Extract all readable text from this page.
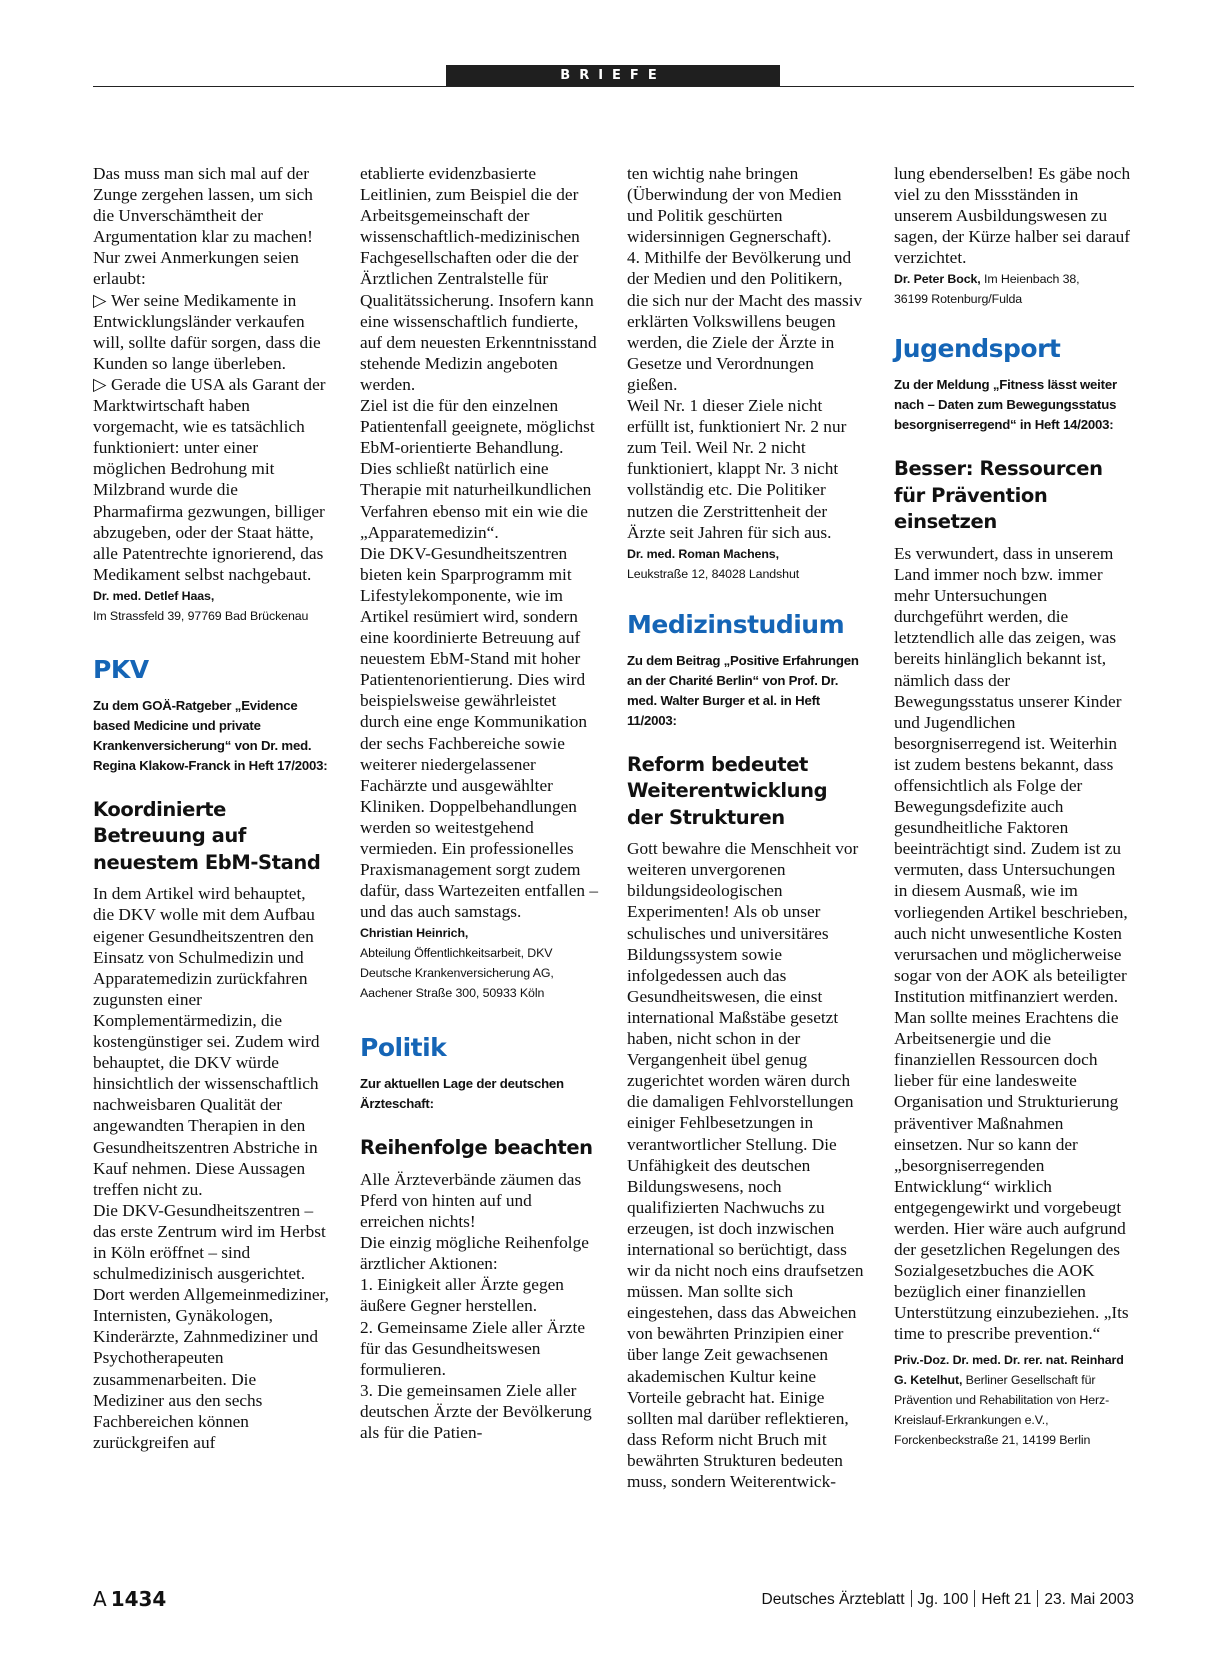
BRIEFE

Das muss man sich mal auf der Zunge zergehen lassen, um sich die Unverschämtheit der Argumentation klar zu machen!

Nur zwei Anmerkungen seien erlaubt:

▷ Wer seine Medikamente in Entwicklungsländer verkaufen will, sollte dafür sorgen, dass die Kunden so lange überleben.

▷ Gerade die USA als Garant der Marktwirtschaft haben vorgemacht, wie es tatsächlich funktioniert: unter einer möglichen Bedrohung mit Milzbrand wurde die Pharmafirma gezwungen, billiger abzugeben, oder der Staat hätte, alle Patentrechte ignorierend, das Medikament selbst nachgebaut.

Dr. med. Detlef Haas,
Im Strassfeld 39, 97769 Bad Brückenau

PKV

Zu dem GOÄ-Ratgeber „Evidence based Medicine und private Krankenversicherung“ von Dr. med. Regina Klakow-Franck in Heft 17/2003:

Koordinierte Betreuung auf neuestem EbM-Stand

In dem Artikel wird behauptet, die DKV wolle mit dem Aufbau eigener Gesundheitszentren den Einsatz von Schulmedizin und Apparatemedizin zurückfahren zugunsten einer Komplementärmedizin, die kostengünstiger sei. Zudem wird behauptet, die DKV würde hinsichtlich der wissenschaftlich nachweisbaren Qualität der angewandten Therapien in den Gesundheitszentren Abstriche in Kauf nehmen. Diese Aussagen treffen nicht zu.

Die DKV-Gesundheitszentren – das erste Zentrum wird im Herbst in Köln eröffnet – sind schulmedizinisch ausgerichtet. Dort werden Allgemeinmediziner, Internisten, Gynäkologen, Kinderärzte, Zahnmediziner und Psychotherapeuten zusammenarbeiten. Die Mediziner aus den sechs Fachbereichen können zurückgreifen auf

etablierte evidenzbasierte Leitlinien, zum Beispiel die der Arbeitsgemeinschaft der wissenschaftlich-medizinischen Fachgesellschaften oder die der Ärztlichen Zentralstelle für Qualitätssicherung. Insofern kann eine wissenschaftlich fundierte, auf dem neuesten Erkenntnisstand stehende Medizin angeboten werden.

Ziel ist die für den einzelnen Patientenfall geeignete, möglichst EbM-orientierte Behandlung. Dies schließt natürlich eine Therapie mit naturheilkundlichen Verfahren ebenso mit ein wie die „Apparatemedizin“.

Die DKV-Gesundheitszentren bieten kein Sparprogramm mit Lifestylekomponente, wie im Artikel resümiert wird, sondern eine koordinierte Betreuung auf neuestem EbM-Stand mit hoher Patientenorientierung. Dies wird beispielsweise gewährleistet durch eine enge Kommunikation der sechs Fachbereiche sowie weiterer niedergelassener Fachärzte und ausgewählter Kliniken. Doppelbehandlungen werden so weitestgehend vermieden. Ein professionelles Praxismanagement sorgt zudem dafür, dass Wartezeiten entfallen – und das auch samstags.

Christian Heinrich,
Abteilung Öffentlichkeitsarbeit, DKV
Deutsche Krankenversicherung AG,
Aachener Straße 300, 50933 Köln

Politik

Zur aktuellen Lage der deutschen Ärzteschaft:

Reihenfolge beachten

Alle Ärzteverbände zäumen das Pferd von hinten auf und erreichen nichts!

Die einzig mögliche Reihenfolge ärztlicher Aktionen:

1. Einigkeit aller Ärzte gegen äußere Gegner herstellen.

2. Gemeinsame Ziele aller Ärzte für das Gesundheitswesen formulieren.

3. Die gemeinsamen Ziele aller deutschen Ärzte der Bevölkerung als für die Patien-

ten wichtig nahe bringen (Überwindung der von Medien und Politik geschürten widersinnigen Gegnerschaft).

4. Mithilfe der Bevölkerung und der Medien und den Politikern, die sich nur der Macht des massiv erklärten Volkswillens beugen werden, die Ziele der Ärzte in Gesetze und Verordnungen gießen.

Weil Nr. 1 dieser Ziele nicht erfüllt ist, funktioniert Nr. 2 nur zum Teil. Weil Nr. 2 nicht funktioniert, klappt Nr. 3 nicht vollständig etc. Die Politiker nutzen die Zerstrittenheit der Ärzte seit Jahren für sich aus.

Dr. med. Roman Machens,
Leukstraße 12, 84028 Landshut

Medizinstudium

Zu dem Beitrag „Positive Erfahrungen an der Charité Berlin“ von Prof. Dr. med. Walter Burger et al. in Heft 11/2003:

Reform bedeutet Weiterentwicklung der Strukturen

Gott bewahre die Menschheit vor weiteren unvergorenen bildungsideologischen Experimenten! Als ob unser schulisches und universitäres Bildungssystem sowie infolgedessen auch das Gesundheitswesen, die einst international Maßstäbe gesetzt haben, nicht schon in der Vergangenheit übel genug zugerichtet worden wären durch die damaligen Fehlvorstellungen einiger Fehlbesetzungen in verantwortlicher Stellung. Die Unfähigkeit des deutschen Bildungswesens, noch qualifizierten Nachwuchs zu erzeugen, ist doch inzwischen international so berüchtigt, dass wir da nicht noch eins draufsetzen müssen. Man sollte sich eingestehen, dass das Abweichen von bewährten Prinzipien einer über lange Zeit gewachsenen akademischen Kultur keine Vorteile gebracht hat. Einige sollten mal darüber reflektieren, dass Reform nicht Bruch mit bewährten Strukturen bedeuten muss, sondern Weiterentwick-

lung ebenderselben! Es gäbe noch viel zu den Missständen in unserem Ausbildungswesen zu sagen, der Kürze halber sei darauf verzichtet.

Dr. Peter Bock, Im Heienbach 38,
36199 Rotenburg/Fulda

Jugendsport

Zu der Meldung „Fitness lässt weiter nach – Daten zum Bewegungsstatus besorgniserregend“ in Heft 14/2003:

Besser: Ressourcen für Prävention einsetzen

Es verwundert, dass in unserem Land immer noch bzw. immer mehr Untersuchungen durchgeführt werden, die letztendlich alle das zeigen, was bereits hinlänglich bekannt ist, nämlich dass der Bewegungsstatus unserer Kinder und Jugendlichen besorgniserregend ist. Weiterhin ist zudem bestens bekannt, dass offensichtlich als Folge der Bewegungsdefizite auch gesundheitliche Faktoren beeinträchtigt sind. Zudem ist zu vermuten, dass Untersuchungen in diesem Ausmaß, wie im vorliegenden Artikel beschrieben, auch nicht unwesentliche Kosten verursachen und möglicherweise sogar von der AOK als beteiligter Institution mitfinanziert werden. Man sollte meines Erachtens die Arbeitsenergie und die finanziellen Ressourcen doch lieber für eine landesweite Organisation und Strukturierung präventiver Maßnahmen einsetzen. Nur so kann der „besorgniserregenden Entwicklung“ wirklich entgegengewirkt und vorgebeugt werden. Hier wäre auch aufgrund der gesetzlichen Regelungen des Sozialgesetzbuches die AOK bezüglich einer finanziellen Unterstützung einzubeziehen. „Its time to prescribe prevention.“

Priv.-Doz. Dr. med. Dr. rer. nat. Reinhard G. Ketelhut, Berliner Gesellschaft für Prävention und Rehabilitation von Herz-Kreislauf-Erkrankungen e.V., Forckenbeckstraße 21, 14199 Berlin

A 1434	Deutsches Ärzteblatt Jg. 100 Heft 21 23. Mai 2003
